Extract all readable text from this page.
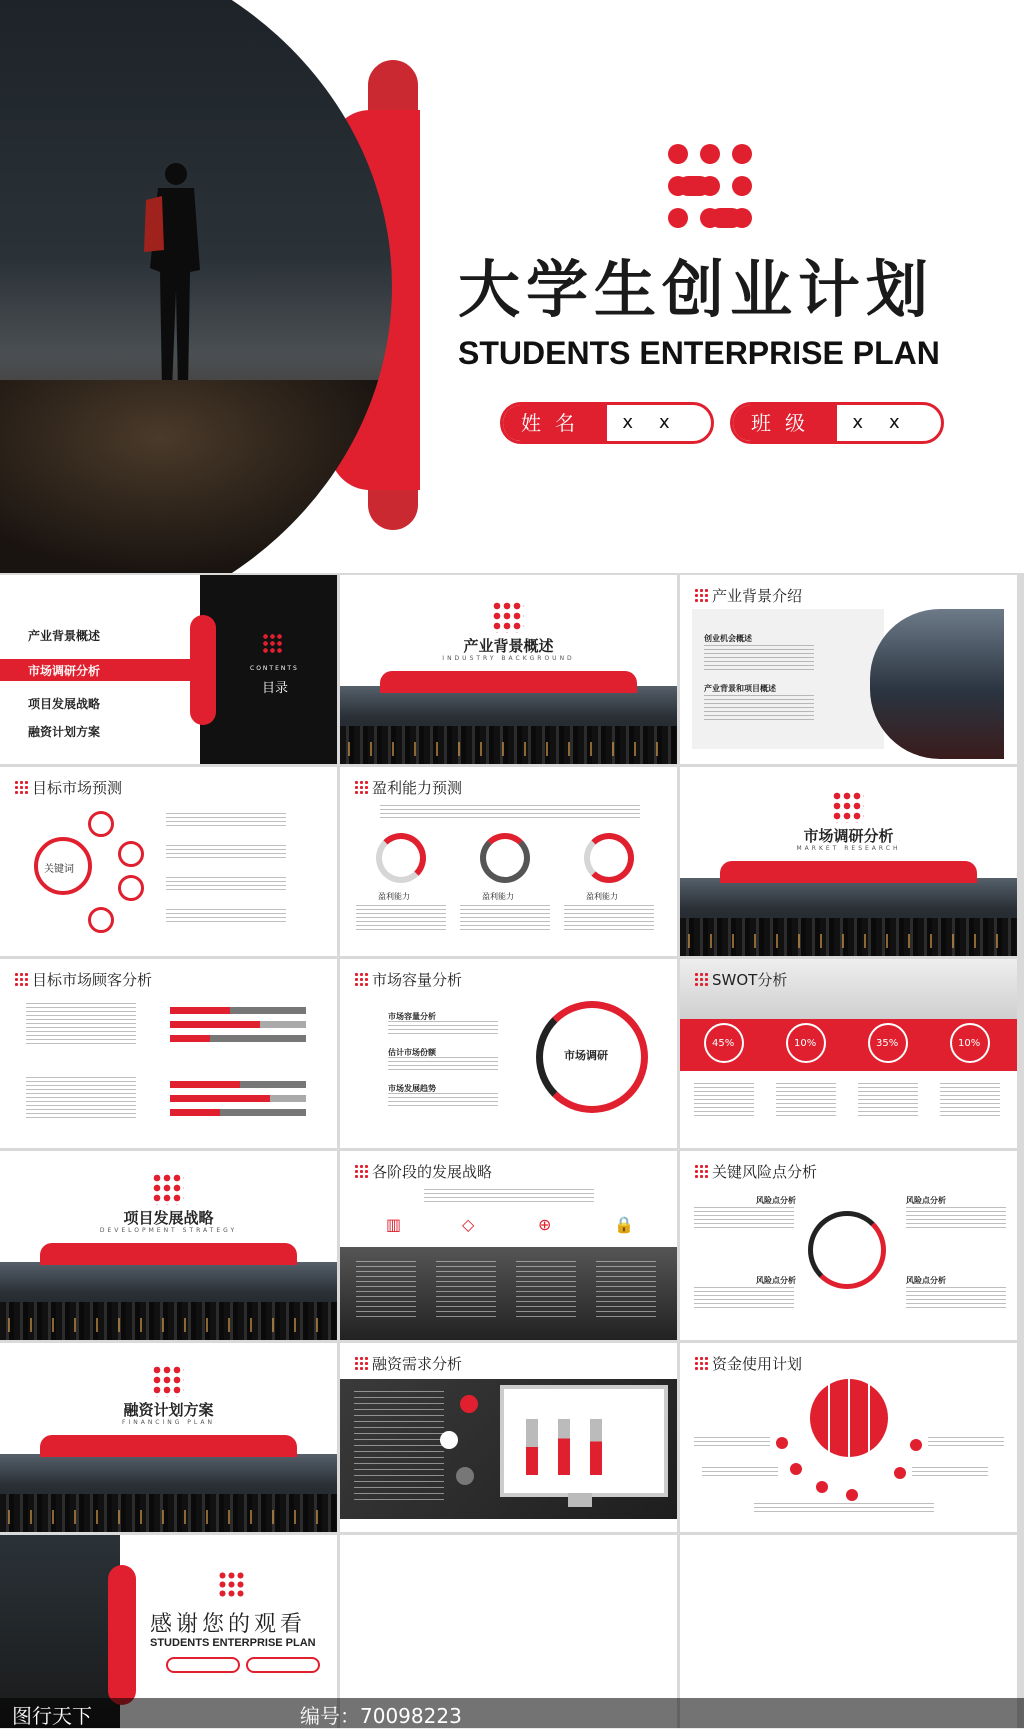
大学生创业计划
STUDENTS ENTERPRISE PLAN
姓名	xx	班级	xx
产业背景概述
市场调研分析
项目发展战略
融资计划方案
CONTENTS
目录
产业背景概述
INDUSTRY BACKGROUND
产业背景介绍
创业机会概述
产业背景和项目概述
目标市场预测
关键词
盈利能力预测
盈利能力	盈利能力	盈利能力
市场调研分析
MARKET RESEARCH
目标市场顾客分析	市场容量分析
市场容量分析
估计市场份额
市场发展趋势
市场调研
SWOT分析
45%	10%	35%	10%
项目发展战略
DEVELOPMENT STRATEGY
各阶段的发展战略
▥	◇	⊕	🔒
关键风险点分析
风险点分析	风险点分析
风险点分析	风险点分析
融资计划方案
FINANCING PLAN
融资需求分析	资金使用计划
感谢您的观看
STUDENTS ENTERPRISE PLAN
图行天下	编号：70098223
